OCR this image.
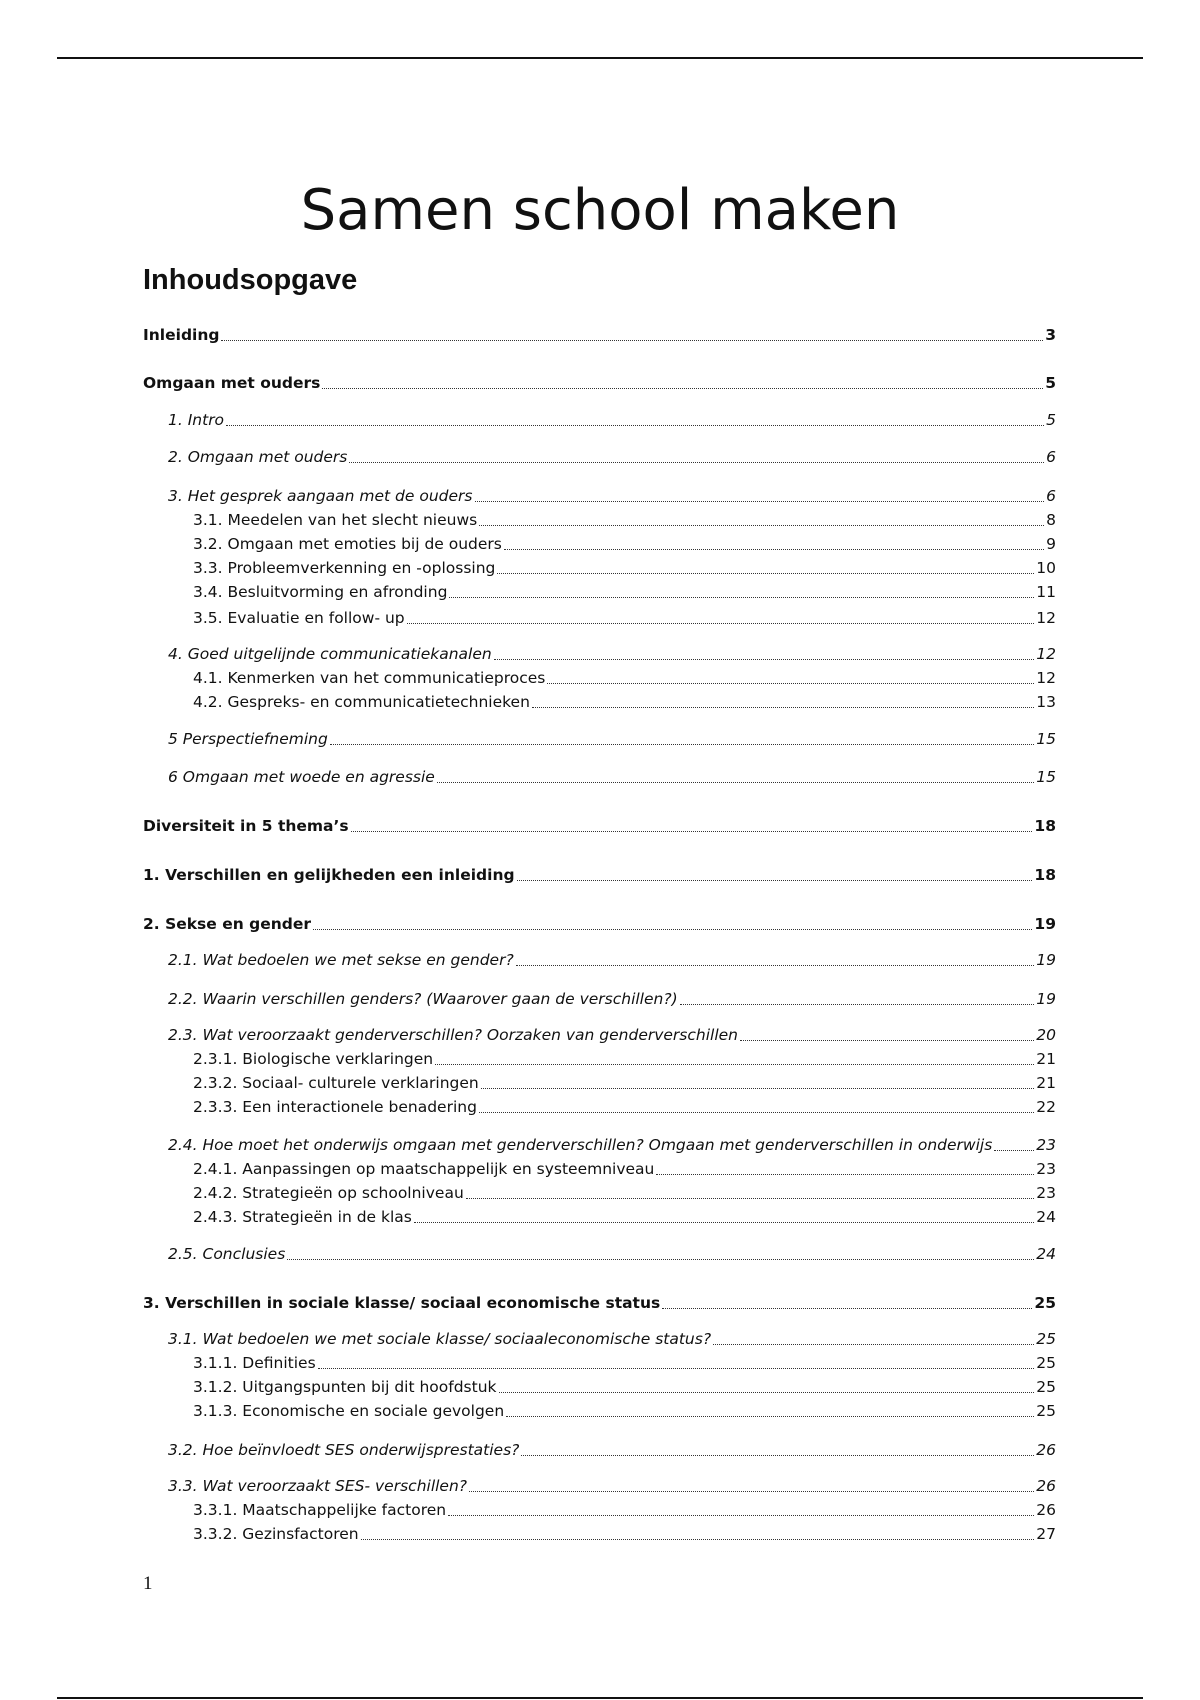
Samen school maken
Inhoudsopgave
Inleiding	3
Omgaan met ouders	5
1. Intro	5
2. Omgaan met ouders	6
3. Het gesprek aangaan met de ouders	6
3.1. Meedelen van het slecht nieuws	8
3.2. Omgaan met emoties bij de ouders	9
3.3. Probleemverkenning en -oplossing	10
3.4. Besluitvorming en afronding	11
3.5. Evaluatie en follow- up	12
4. Goed uitgelijnde communicatiekanalen	12
4.1. Kenmerken van het communicatieproces	12
4.2. Gespreks- en communicatietechnieken	13
5 Perspectiefneming	15
6 Omgaan met woede en agressie	15
Diversiteit in 5 thema’s	18
1. Verschillen en gelijkheden een inleiding	18
2. Sekse en gender	19
2.1. Wat bedoelen we met sekse en gender?	19
2.2. Waarin verschillen genders? (Waarover gaan de verschillen?)	19
2.3. Wat veroorzaakt genderverschillen? Oorzaken van genderverschillen	20
2.3.1. Biologische verklaringen	21
2.3.2. Sociaal- culturele verklaringen	21
2.3.3. Een interactionele benadering	22
2.4. Hoe moet het onderwijs omgaan met genderverschillen? Omgaan met genderverschillen in onderwijs	23
2.4.1. Aanpassingen op maatschappelijk en systeemniveau	23
2.4.2. Strategieën op schoolniveau	23
2.4.3. Strategieën in de klas	24
2.5. Conclusies	24
3. Verschillen in sociale klasse/ sociaal economische status	25
3.1. Wat bedoelen we met sociale klasse/ sociaaleconomische status?	25
3.1.1. Definities	25
3.1.2. Uitgangspunten bij dit hoofdstuk	25
3.1.3. Economische en sociale gevolgen	25
3.2. Hoe beïnvloedt SES onderwijsprestaties?	26
3.3. Wat veroorzaakt SES- verschillen?	26
3.3.1. Maatschappelijke factoren	26
3.3.2. Gezinsfactoren	27
1
